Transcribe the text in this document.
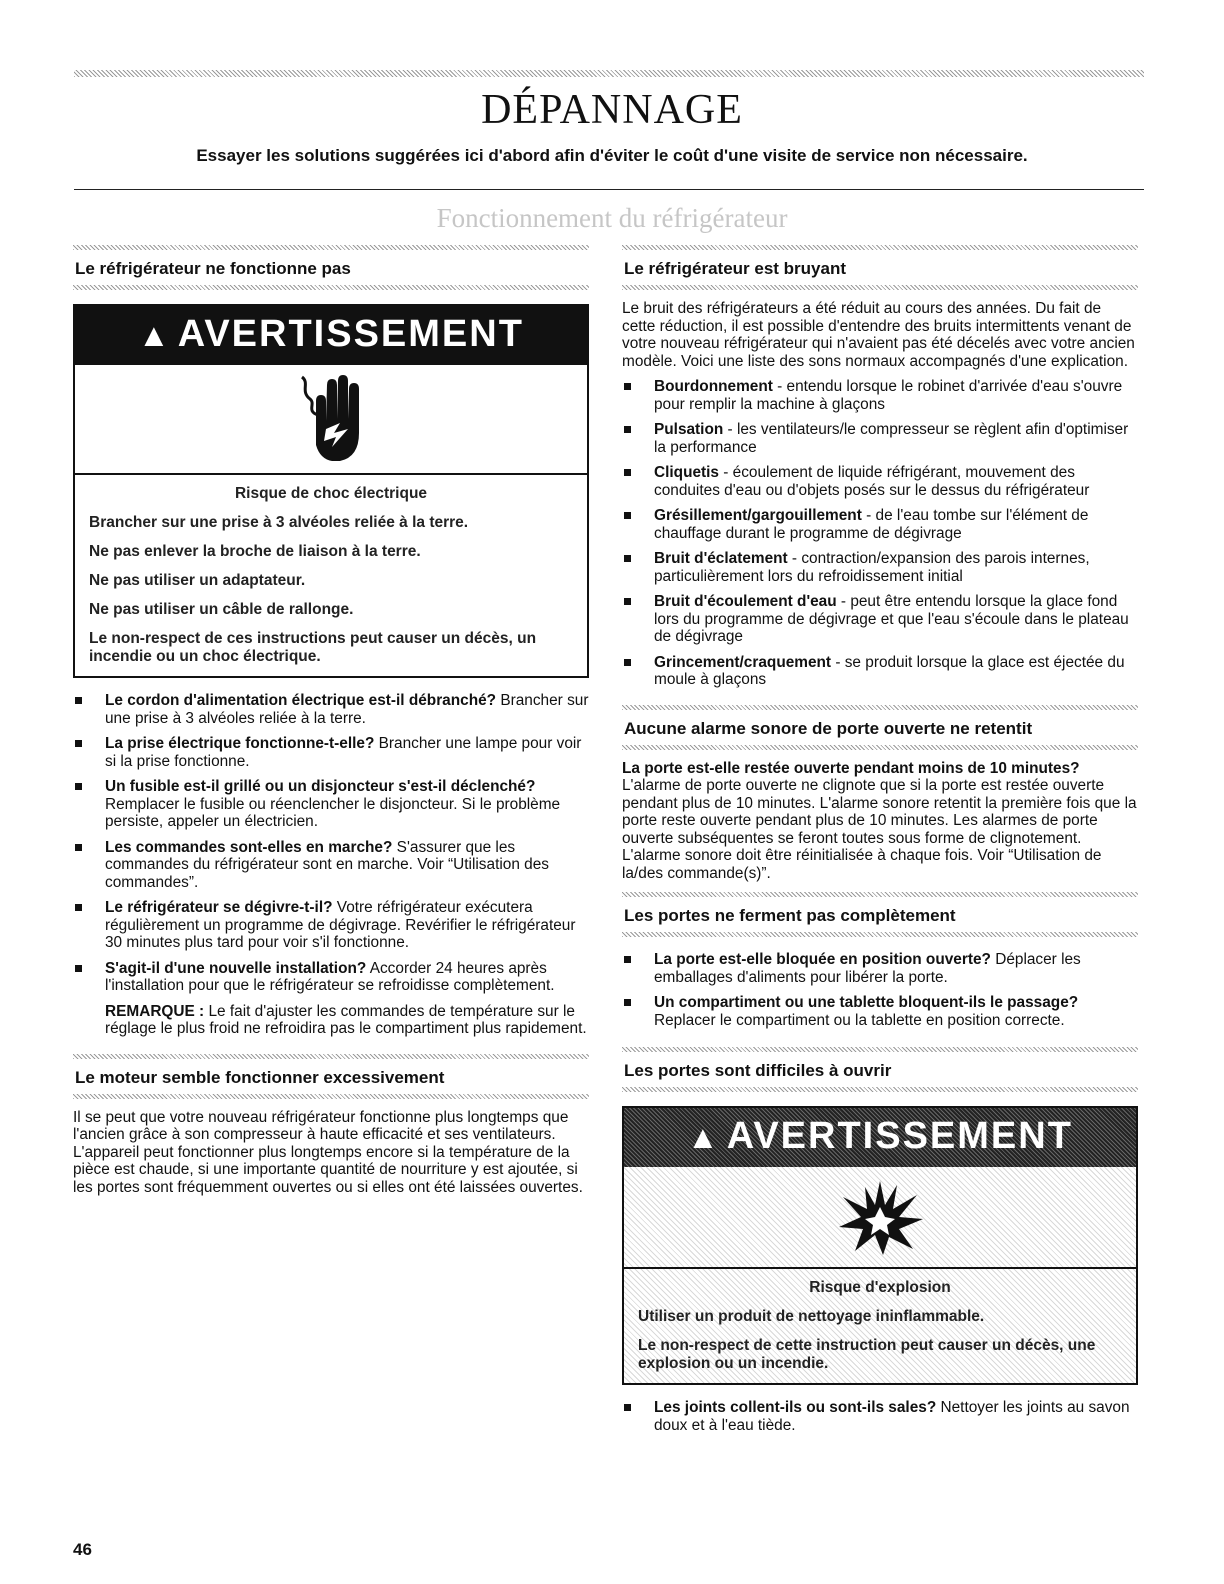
DÉPANNAGE
Essayer les solutions suggérées ici d'abord afin d'éviter le coût d'une visite de service non nécessaire.
Fonctionnement du réfrigérateur
Le réfrigérateur ne fonctionne pas
▲ AVERTISSEMENT

Risque de choc électrique

Brancher sur une prise à 3 alvéoles reliée à la terre.

Ne pas enlever la broche de liaison à la terre.

Ne pas utiliser un adaptateur.

Ne pas utiliser un câble de rallonge.

Le non-respect de ces instructions peut causer un décès, un incendie ou un choc électrique.

Le cordon d'alimentation électrique est-il débranché? Brancher sur une prise à 3 alvéoles reliée à la terre.
La prise électrique fonctionne-t-elle? Brancher une lampe pour voir si la prise fonctionne.
Un fusible est-il grillé ou un disjoncteur s'est-il déclenché? Remplacer le fusible ou réenclencher le disjoncteur. Si le problème persiste, appeler un électricien.
Les commandes sont-elles en marche? S'assurer que les commandes du réfrigérateur sont en marche. Voir “Utilisation des commandes”.
Le réfrigérateur se dégivre-t-il? Votre réfrigérateur exécutera régulièrement un programme de dégivrage. Revérifier le réfrigérateur 30 minutes plus tard pour voir s'il fonctionne.
S'agit-il d'une nouvelle installation? Accorder 24 heures après l'installation pour que le réfrigérateur se refroidisse complètement.

REMARQUE : Le fait d'ajuster les commandes de température sur le réglage le plus froid ne refroidira pas le compartiment plus rapidement.

Le moteur semble fonctionner excessivement

Il se peut que votre nouveau réfrigérateur fonctionne plus longtemps que l'ancien grâce à son compresseur à haute efficacité et ses ventilateurs. L'appareil peut fonctionner plus longtemps encore si la température de la pièce est chaude, si une importante quantité de nourriture y est ajoutée, si les portes sont fréquemment ouvertes ou si elles ont été laissées ouvertes.

Le réfrigérateur est bruyant

Le bruit des réfrigérateurs a été réduit au cours des années. Du fait de cette réduction, il est possible d'entendre des bruits intermittents venant de votre nouveau réfrigérateur qui n'avaient pas été décelés avec votre ancien modèle. Voici une liste des sons normaux accompagnés d'une explication.

Bourdonnement - entendu lorsque le robinet d'arrivée d'eau s'ouvre pour remplir la machine à glaçons
Pulsation - les ventilateurs/le compresseur se règlent afin d'optimiser la performance
Cliquetis - écoulement de liquide réfrigérant, mouvement des conduites d'eau ou d'objets posés sur le dessus du réfrigérateur
Grésillement/gargouillement - de l'eau tombe sur l'élément de chauffage durant le programme de dégivrage
Bruit d'éclatement - contraction/expansion des parois internes, particulièrement lors du refroidissement initial
Bruit d'écoulement d'eau - peut être entendu lorsque la glace fond lors du programme de dégivrage et que l'eau s'écoule dans le plateau de dégivrage
Grincement/craquement - se produit lorsque la glace est éjectée du moule à glaçons
Aucune alarme sonore de porte ouverte ne retentit

La porte est-elle restée ouverte pendant moins de 10 minutes? L'alarme de porte ouverte ne clignote que si la porte est restée ouverte pendant plus de 10 minutes. L'alarme sonore retentit la première fois que la porte reste ouverte pendant plus de 10 minutes. Les alarmes de porte ouverte subséquentes se feront toutes sous forme de clignotement. L'alarme sonore doit être réinitialisée à chaque fois. Voir “Utilisation de la/des commande(s)”.

Les portes ne ferment pas complètement
La porte est-elle bloquée en position ouverte? Déplacer les emballages d'aliments pour libérer la porte.
Un compartiment ou une tablette bloquent-ils le passage? Replacer le compartiment ou la tablette en position correcte.
Les portes sont difficiles à ouvrir
▲ AVERTISSEMENT

Risque d'explosion

Utiliser un produit de nettoyage ininflammable.

Le non-respect de cette instruction peut causer un décès, une explosion ou un incendie.

Les joints collent-ils ou sont-ils sales? Nettoyer les joints au savon doux et à l'eau tiède.
46
